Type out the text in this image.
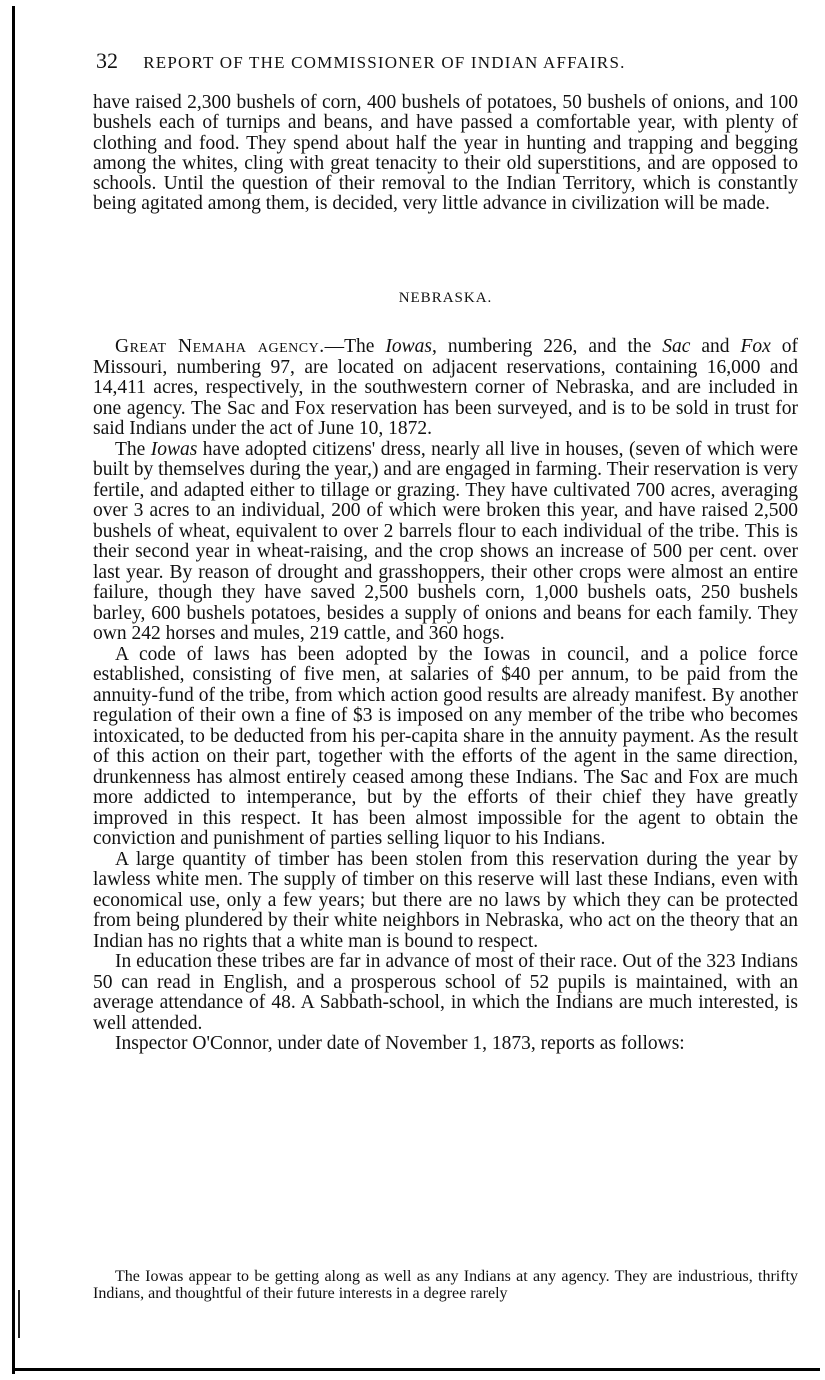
32 REPORT OF THE COMMISSIONER OF INDIAN AFFAIRS.

have raised 2,300 bushels of corn, 400 bushels of potatoes, 50 bushels of onions, and 100 bushels each of turnips and beans, and have passed a comfortable year, with plenty of clothing and food. They spend about half the year in hunting and trapping and begging among the whites, cling with great tenacity to their old superstitions, and are opposed to schools. Until the question of their removal to the Indian Territory, which is constantly being agitated among them, is decided, very little advance in civilization will be made.

NEBRASKA.

Great Nemaha agency.—The Iowas, numbering 226, and the Sac and Fox of Missouri, numbering 97, are located on adjacent reservations, containing 16,000 and 14,411 acres, respectively, in the southwestern corner of Nebraska, and are included in one agency. The Sac and Fox reservation has been surveyed, and is to be sold in trust for said Indians under the act of June 10, 1872.

The Iowas have adopted citizens' dress, nearly all live in houses, (seven of which were built by themselves during the year,) and are engaged in farming. Their reservation is very fertile, and adapted either to tillage or grazing. They have cultivated 700 acres, averaging over 3 acres to an individual, 200 of which were broken this year, and have raised 2,500 bushels of wheat, equivalent to over 2 barrels flour to each individual of the tribe. This is their second year in wheat-raising, and the crop shows an increase of 500 per cent. over last year. By reason of drought and grasshoppers, their other crops were almost an entire failure, though they have saved 2,500 bushels corn, 1,000 bushels oats, 250 bushels barley, 600 bushels potatoes, besides a supply of onions and beans for each family. They own 242 horses and mules, 219 cattle, and 360 hogs.

A code of laws has been adopted by the Iowas in council, and a police force established, consisting of five men, at salaries of $40 per annum, to be paid from the annuity-fund of the tribe, from which action good results are already manifest. By another regulation of their own a fine of $3 is imposed on any member of the tribe who becomes intoxicated, to be deducted from his per-capita share in the annuity payment. As the result of this action on their part, together with the efforts of the agent in the same direction, drunkenness has almost entirely ceased among these Indians. The Sac and Fox are much more addicted to intemperance, but by the efforts of their chief they have greatly improved in this respect. It has been almost impossible for the agent to obtain the conviction and punishment of parties selling liquor to his Indians.

A large quantity of timber has been stolen from this reservation during the year by lawless white men. The supply of timber on this reserve will last these Indians, even with economical use, only a few years; but there are no laws by which they can be protected from being plundered by their white neighbors in Nebraska, who act on the theory that an Indian has no rights that a white man is bound to respect.

In education these tribes are far in advance of most of their race. Out of the 323 Indians 50 can read in English, and a prosperous school of 52 pupils is maintained, with an average attendance of 48. A Sabbath-school, in which the Indians are much interested, is well attended.

Inspector O'Connor, under date of November 1, 1873, reports as follows:

The Iowas appear to be getting along as well as any Indians at any agency. They are industrious, thrifty Indians, and thoughtful of their future interests in a degree rarely
